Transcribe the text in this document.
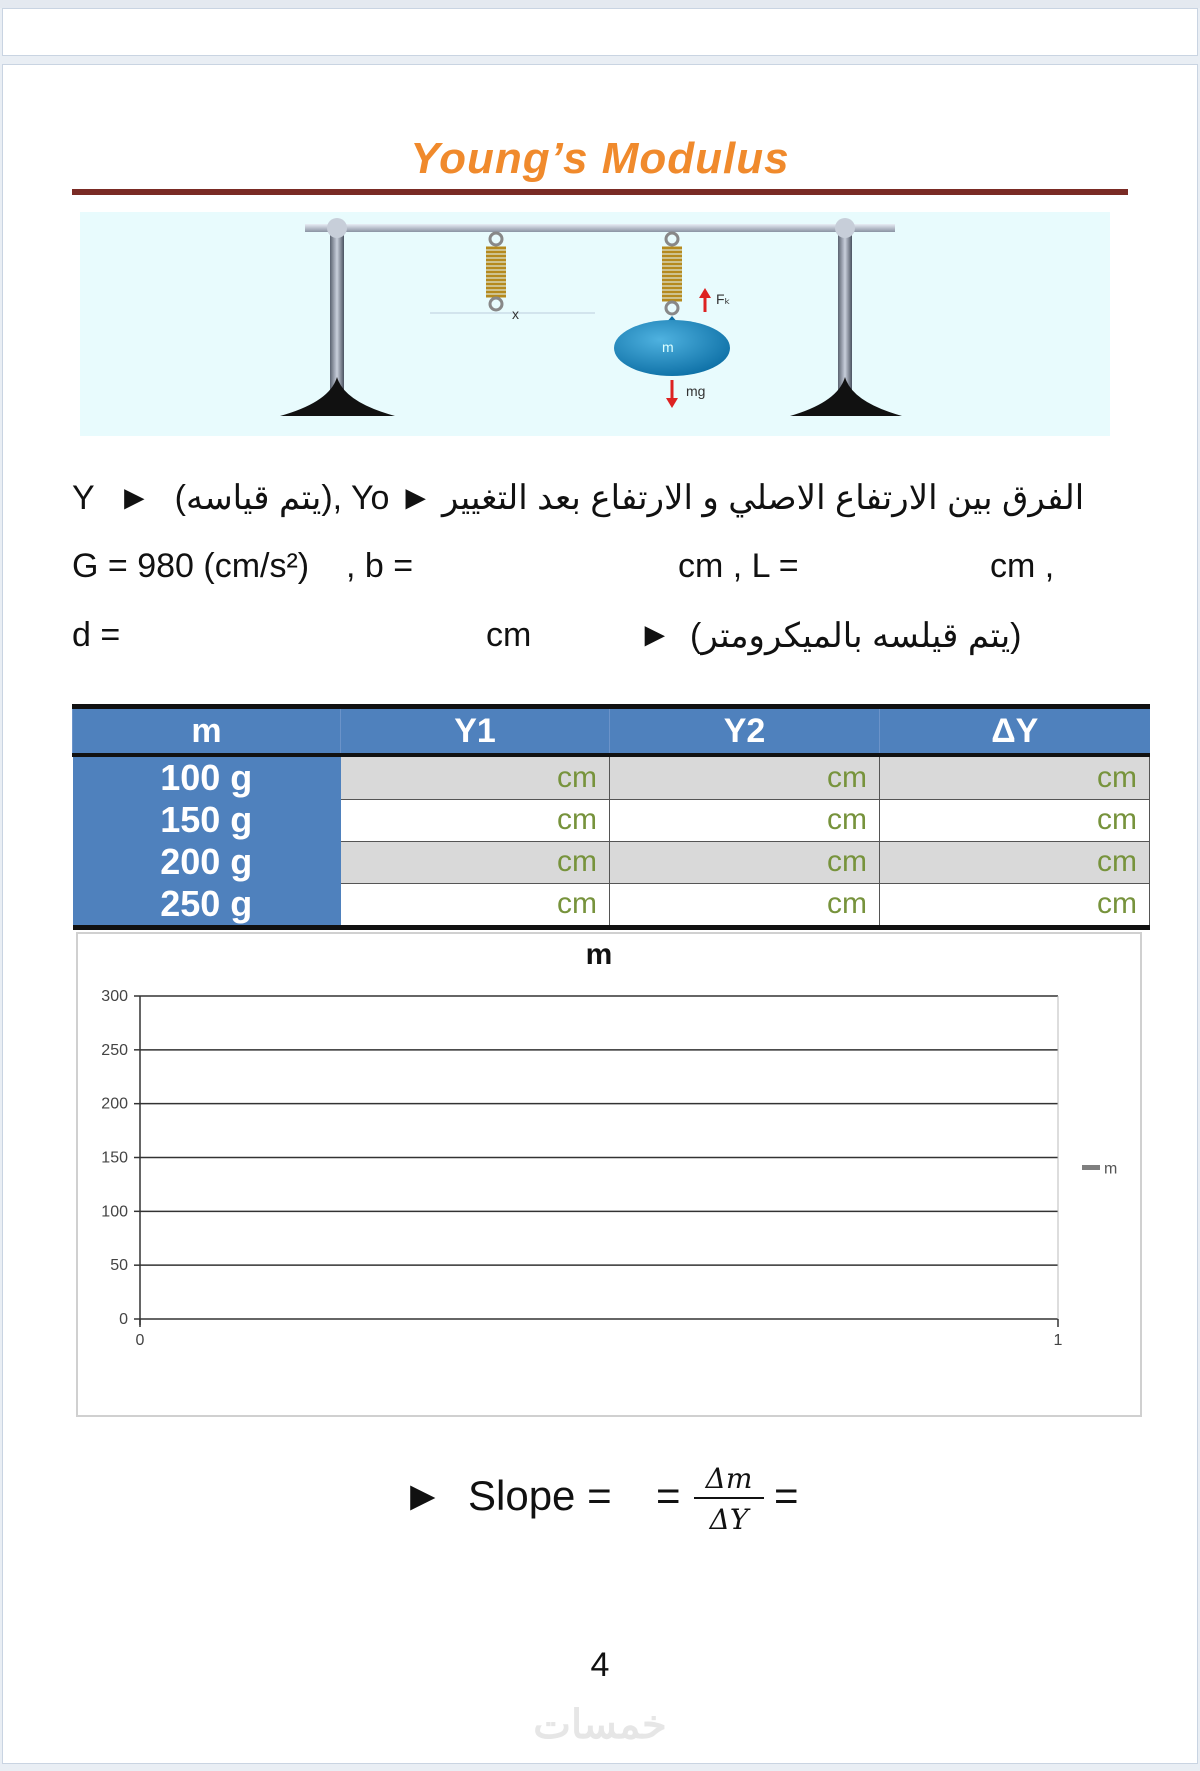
Young’s Modulus
x
Fₖ
m
mg
Y ► (يتم قياسه), Yo ► الفرق بين الارتفاع الاصلي و الارتفاع بعد التغيير
G = 980 (cm/s²) , b =	cm , L =	cm ,
d =	cm	► (يتم قيلسه بالميكرومتر)
m	Y1	Y2	ΔY
100 g	cm	cm	cm
150 g	cm	cm	cm
200 g	cm	cm	cm
250 g	cm	cm	cm
m
0
50
100
150
200
250
300
0	1
m
► Slope = = Δm
ΔY
=
4
خمسات
